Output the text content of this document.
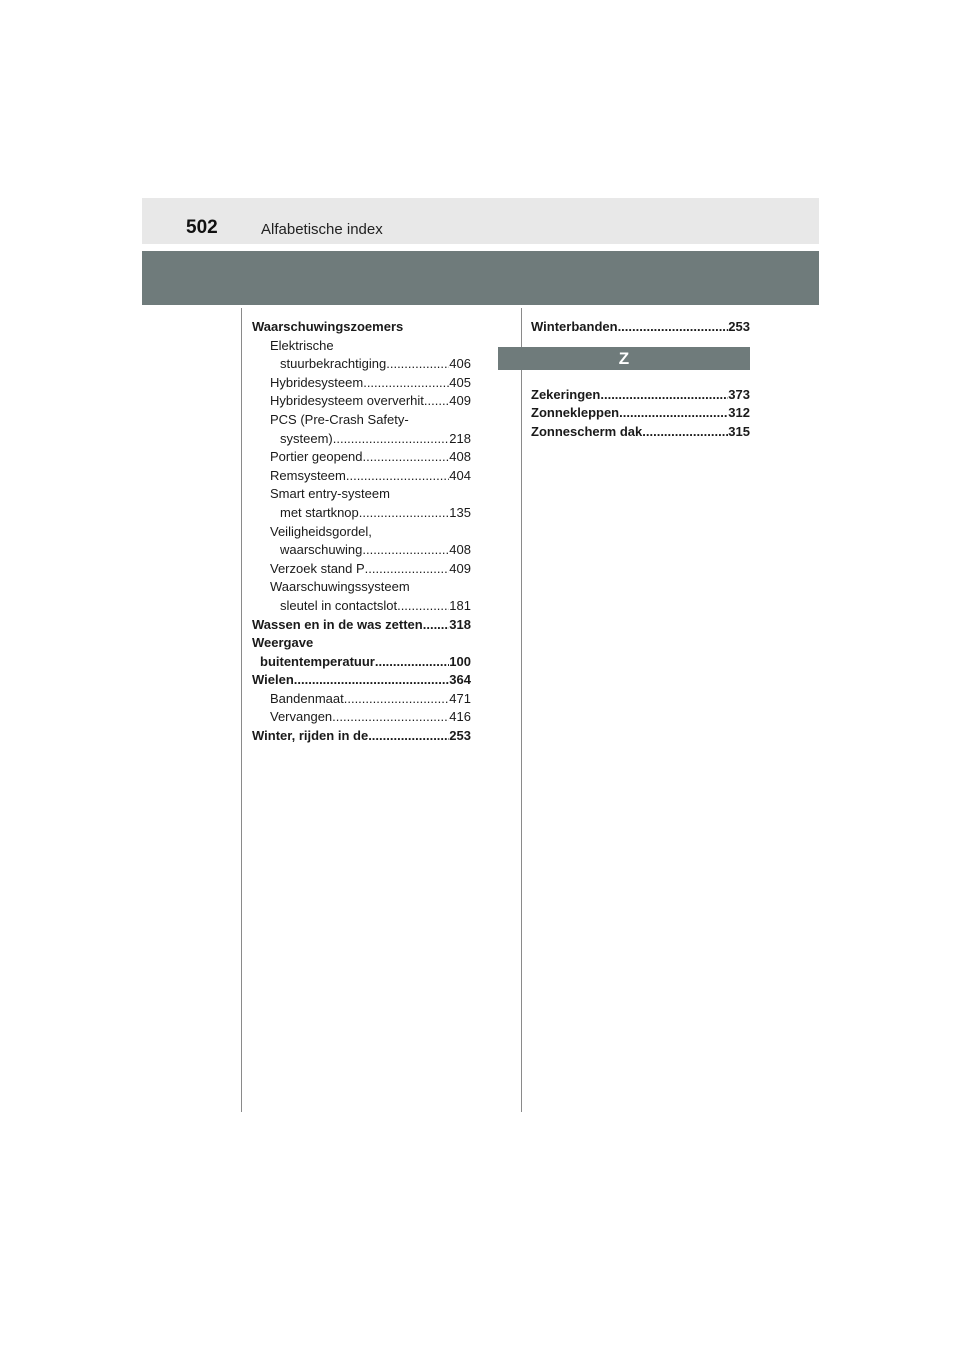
502	Alfabetische index
Waarschuwingszoemers
Elektrische
stuurbekrachtiging .....	406
Hybridesysteem .....	405
Hybridesysteem oververhit ..... 409
PCS (Pre-Crash Safety-
systeem) .....	218
Portier geopend .....	408
Remsysteem .....	404
Smart entry-systeem
met startknop .....	135
Veiligheidsgordel,
waarschuwing .....	408
Verzoek stand P .....	409
Waarschuwingssysteem
sleutel in contactslot .....	181
Wassen en in de was zetten ..... 318
Weergave
buitentemperatuur .....	100
Wielen .....	364
Bandenmaat .....	471
Vervangen .....	416
Winter, rijden in de .....	253
Winterbanden .....	253
Z
Zekeringen .....	373
Zonnekleppen .....	312
Zonnescherm dak .....	315
